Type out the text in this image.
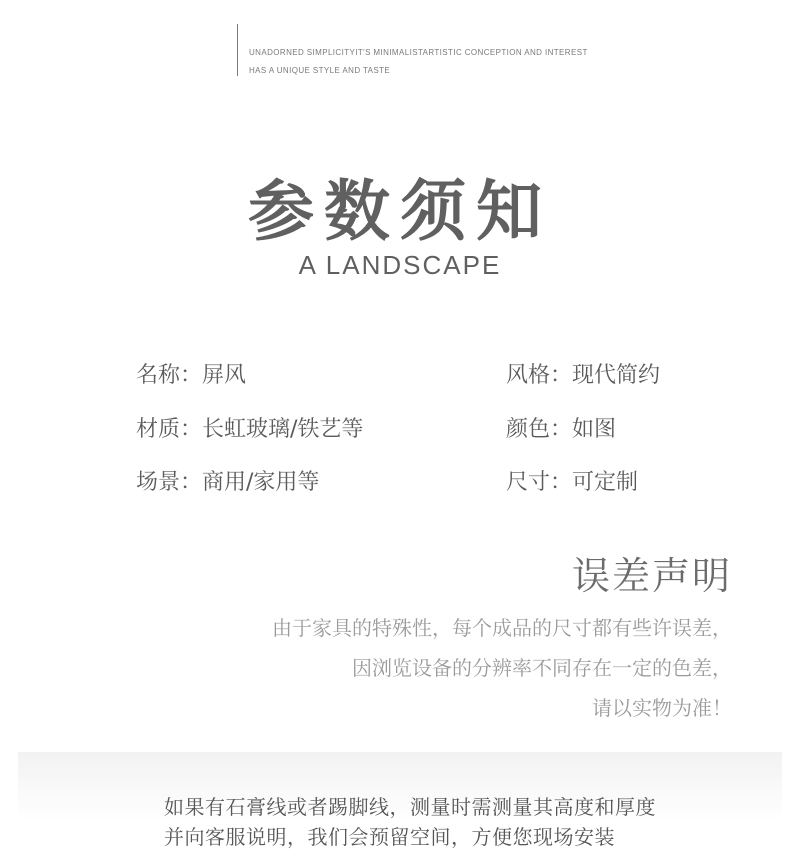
UNADORNED SIMPLICITYIT'S MINIMALISTARTISTIC CONCEPTION AND INTEREST
HAS A UNIQUE STYLE AND TASTE
参数须知
A LANDSCAPE
名称：屏风	风格：现代简约
材质：长虹玻璃/铁艺等	颜色：如图
场景：商用/家用等	尺寸：可定制
误差声明
由于家具的特殊性，每个成品的尺寸都有些许误差，
因浏览设备的分辨率不同存在一定的色差，
请以实物为准！
如果有石膏线或者踢脚线，测量时需测量其高度和厚度
并向客服说明，我们会预留空间，方便您现场安装
